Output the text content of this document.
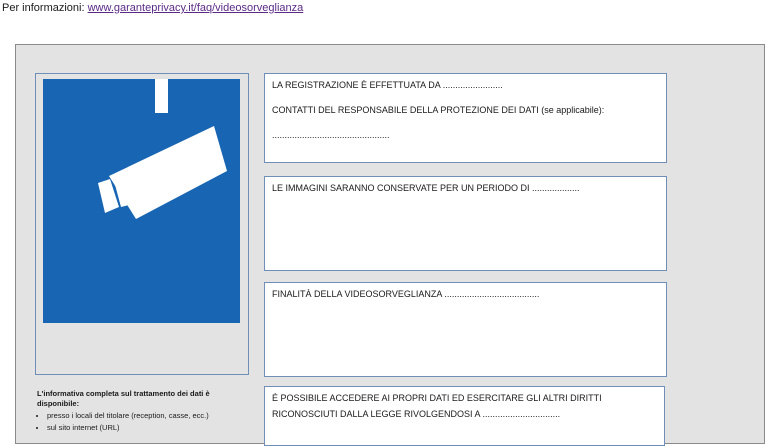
Per informazioni: www.garanteprivacy.it/faq/videosorveglianza

LA REGISTRAZIONE È EFFETTUATA DA ........................

CONTATTI DEL RESPONSABILE DELLA PROTEZIONE DEI DATI (se applicabile):

...............................................

LE IMMAGINI SARANNO CONSERVATE PER UN PERIODO DI ...................

FINALITÀ DELLA VIDEOSORVEGLIANZA ......................................

É POSSIBILE ACCEDERE AI PROPRI DATI ED ESERCITARE GLI ALTRI DIRITTI

RICONOSCIUTI DALLA LEGGE RIVOLGENDOSI A ...............................

L'informativa completa sul trattamento dei dati è disponibile:
• presso i locali del titolare (reception, casse, ecc.)
• sul sito internet (URL)
